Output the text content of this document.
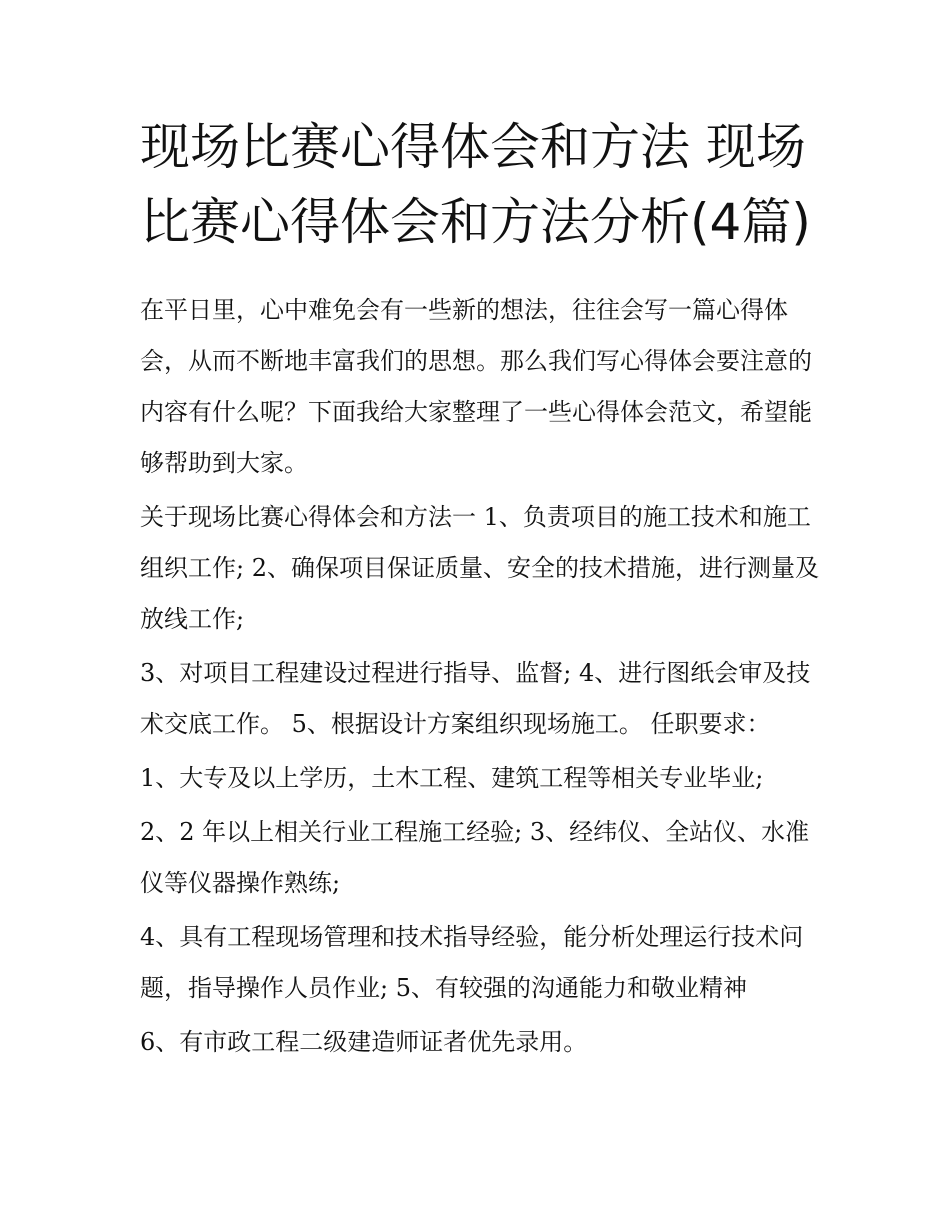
现场比赛心得体会和方法 现场比赛心得体会和方法分析(4篇)

在平日里，心中难免会有一些新的想法，往往会写一篇心得体会，从而不断地丰富我们的思想。那么我们写心得体会要注意的内容有什么呢？下面我给大家整理了一些心得体会范文，希望能够帮助到大家。

关于现场比赛心得体会和方法一 1、负责项目的施工技术和施工组织工作; 2、确保项目保证质量、安全的技术措施，进行测量及放线工作;

3、对项目工程建设过程进行指导、监督; 4、进行图纸会审及技术交底工作。 5、根据设计方案组织现场施工。 任职要求：

1、大专及以上学历，土木工程、建筑工程等相关专业毕业;

2、2 年以上相关行业工程施工经验; 3、经纬仪、全站仪、水准仪等仪器操作熟练;

4、具有工程现场管理和技术指导经验，能分析处理运行技术问题，指导操作人员作业; 5、有较强的沟通能力和敬业精神

6、有市政工程二级建造师证者优先录用。
